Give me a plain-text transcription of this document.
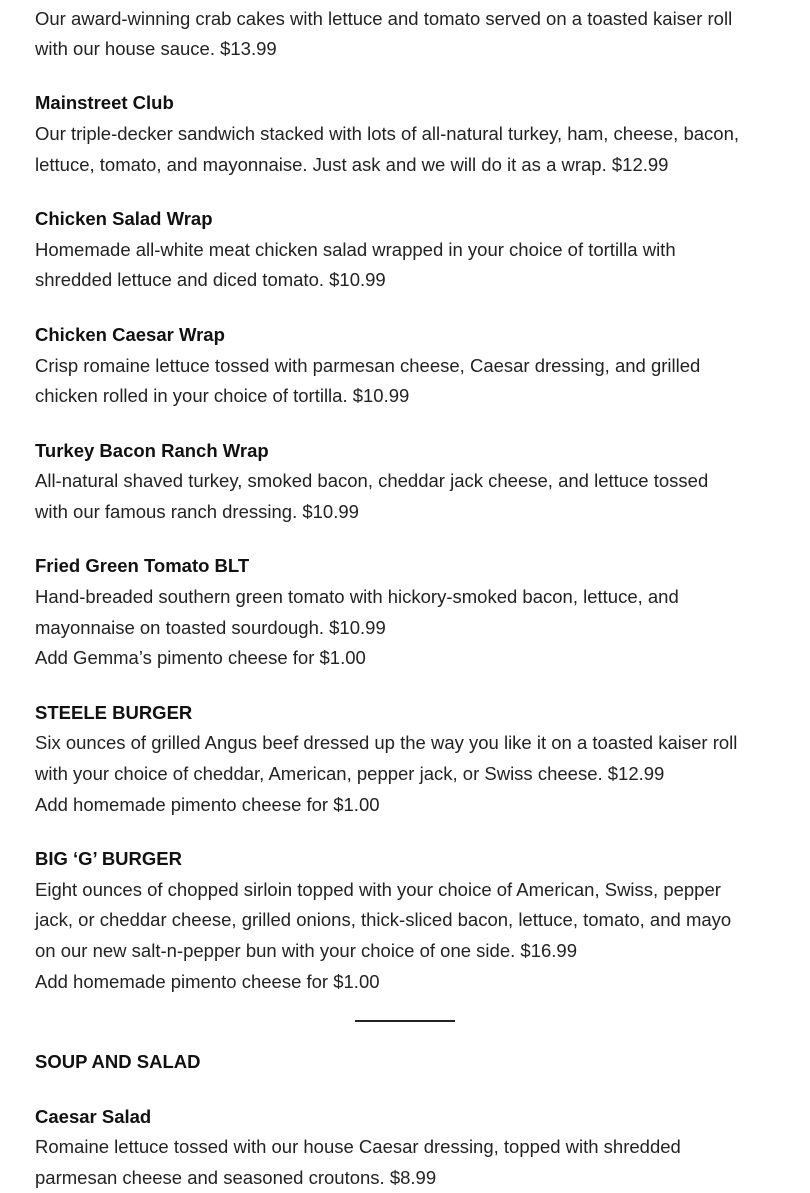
Our award-winning crab cakes with lettuce and tomato served on a toasted kaiser roll
with our house sauce. $13.99
Mainstreet Club
Our triple-decker sandwich stacked with lots of all-natural turkey, ham, cheese, bacon,
lettuce, tomato, and mayonnaise. Just ask and we will do it as a wrap. $12.99
Chicken Salad Wrap
Homemade all-white meat chicken salad wrapped in your choice of tortilla with
shredded lettuce and diced tomato. $10.99
Chicken Caesar Wrap
Crisp romaine lettuce tossed with parmesan cheese, Caesar dressing, and grilled
chicken rolled in your choice of tortilla. $10.99
Turkey Bacon Ranch Wrap
All-natural shaved turkey, smoked bacon, cheddar jack cheese, and lettuce tossed
with our famous ranch dressing. $10.99
Fried Green Tomato BLT
Hand-breaded southern green tomato with hickory-smoked bacon, lettuce, and
mayonnaise on toasted sourdough. $10.99
Add Gemma’s pimento cheese for $1.00
STEELE BURGER
Six ounces of grilled Angus beef dressed up the way you like it on a toasted kaiser roll
with your choice of cheddar, American, pepper jack, or Swiss cheese. $12.99
Add homemade pimento cheese for $1.00
BIG ‘G’ BURGER
Eight ounces of chopped sirloin topped with your choice of American, Swiss, pepper
jack, or cheddar cheese, grilled onions, thick-sliced bacon, lettuce, tomato, and mayo
on our new salt-n-pepper bun with your choice of one side. $16.99
Add homemade pimento cheese for $1.00
SOUP AND SALAD
Caesar Salad
Romaine lettuce tossed with our house Caesar dressing, topped with shredded
parmesan cheese and seasoned croutons. $8.99
